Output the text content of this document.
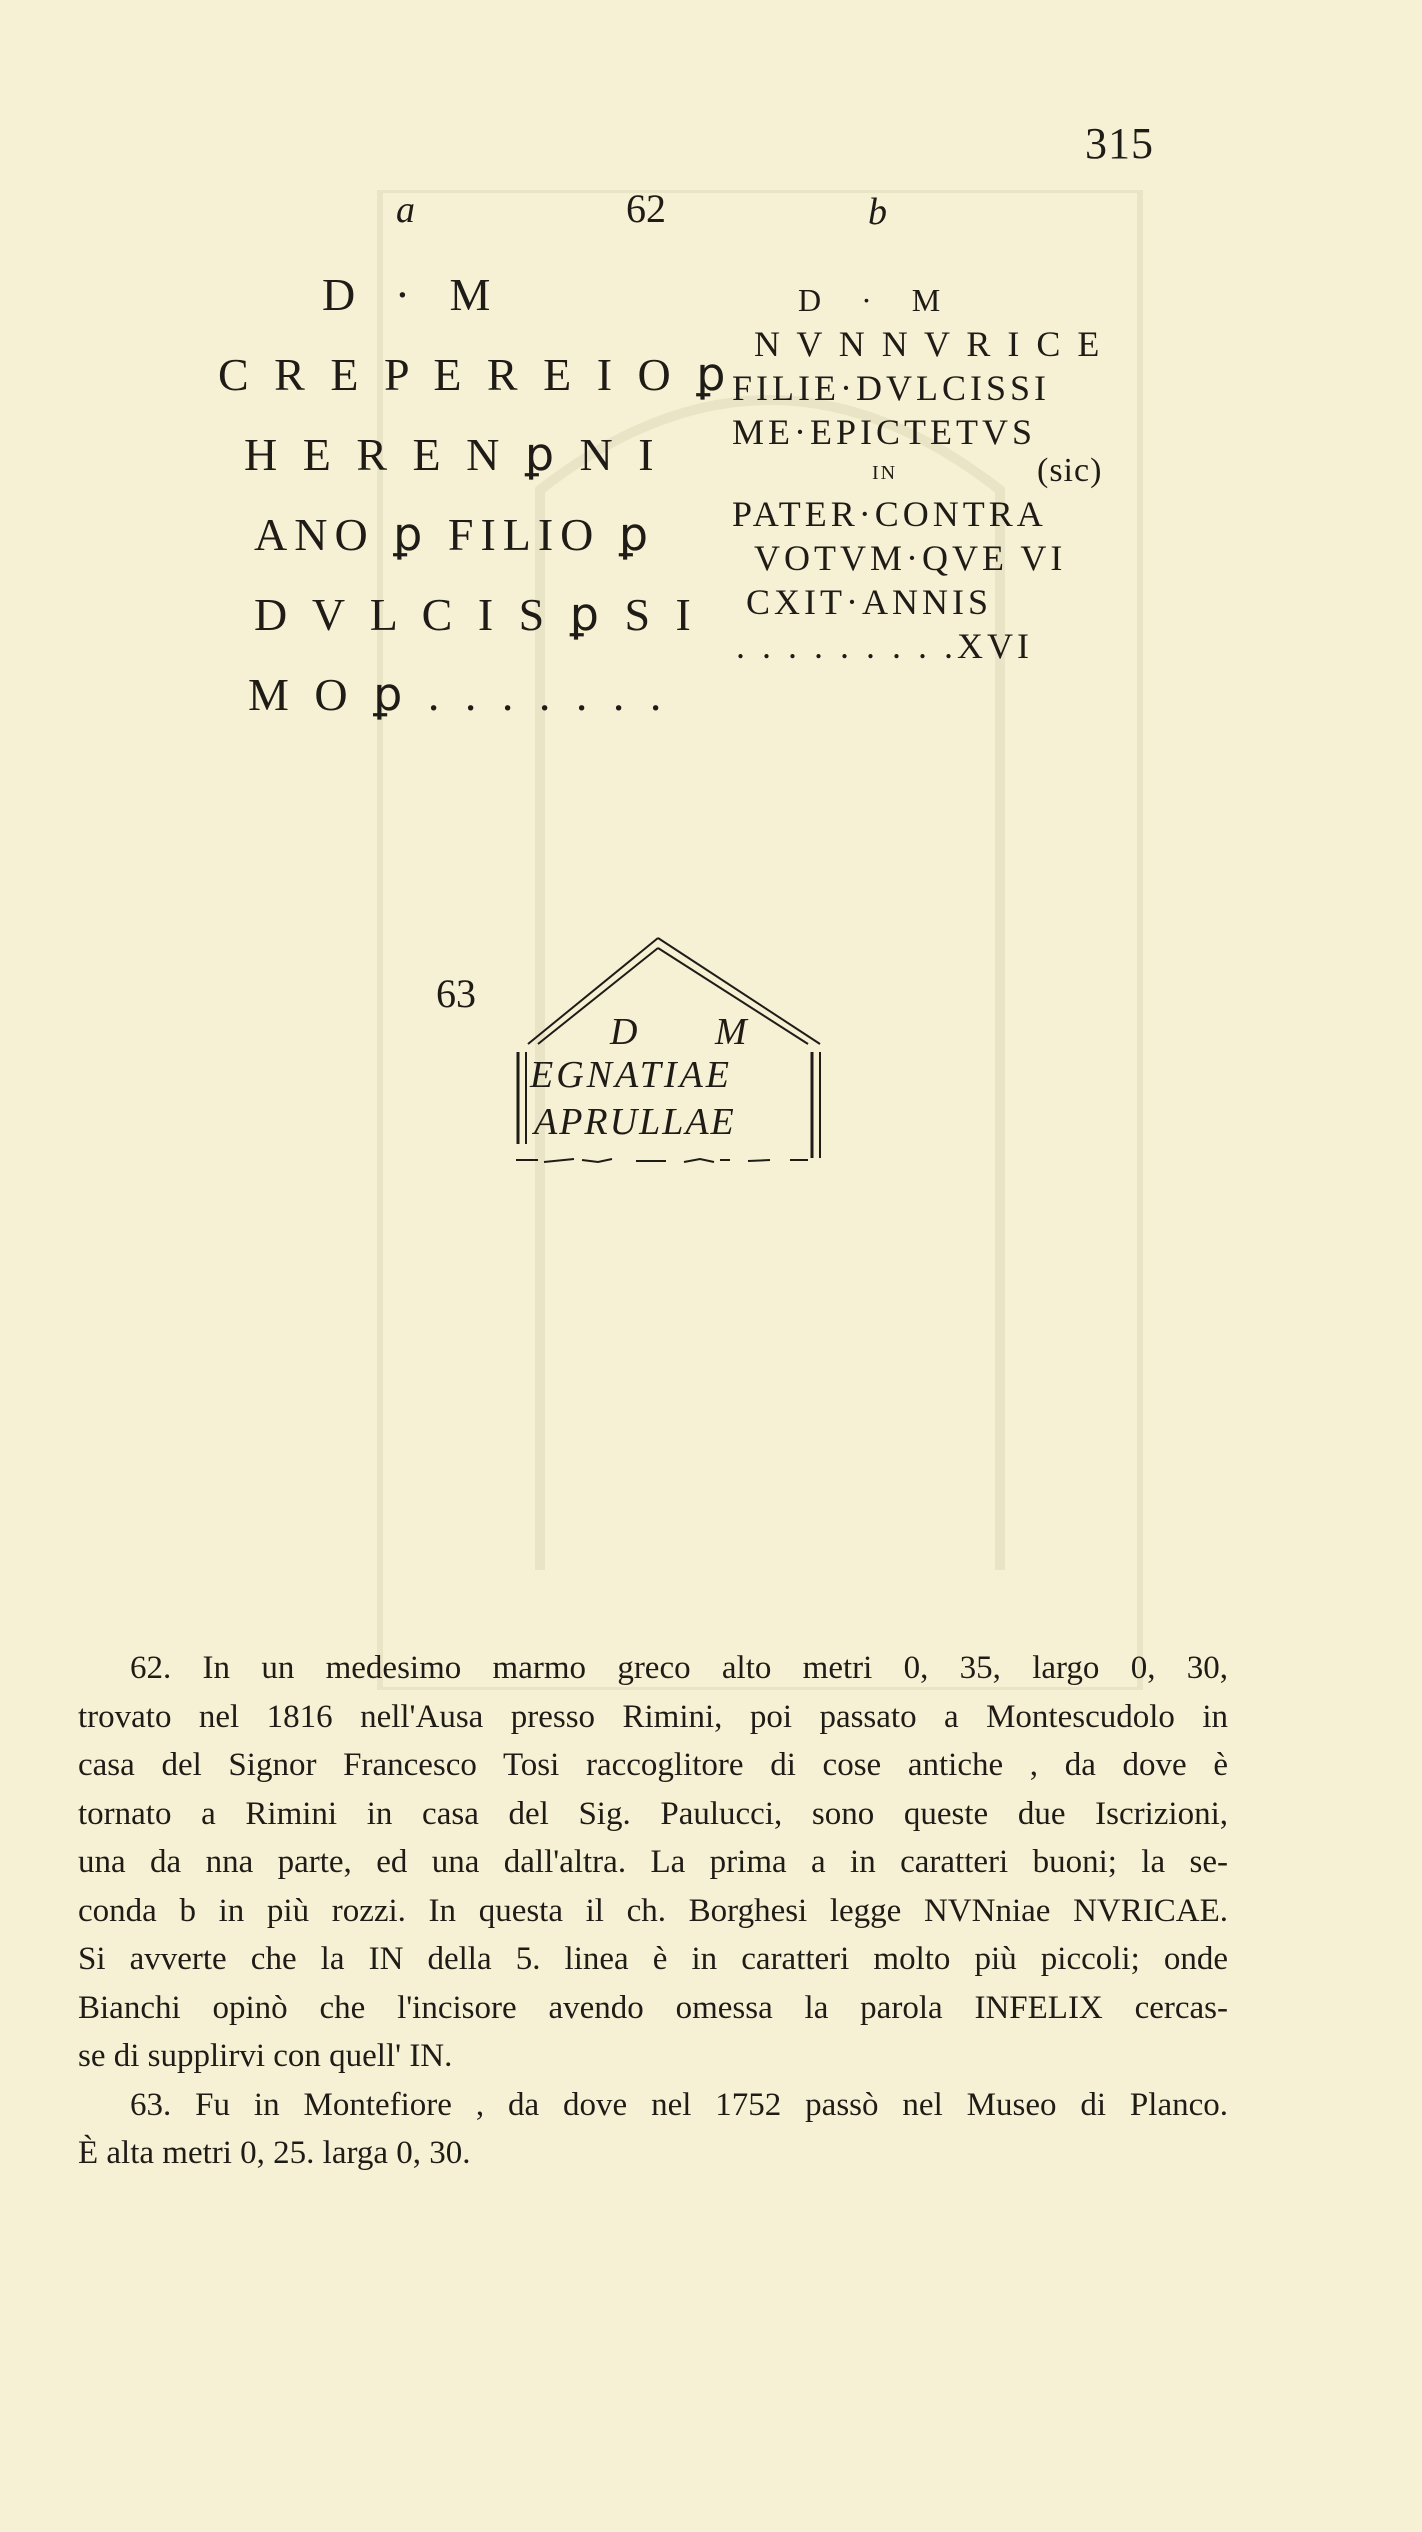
315
a	62	b
D · M
C R E P E R E I O ꝑ
H E R E N ꝑ N I
ANO ꝑ FILIO ꝑ
D V L C I S ꝑ S I
M O ꝑ . . . . . . .
D · M
N V N N V R I C E
FILIE·DVLCISSI
ME·EPICTETVS
IN	(sic)
PATER·CONTRA
VOTVM·QVE VI
CXIT·ANNIS
. . . . . . . . .XVI
63
D M
EGNATIAE
APRULLAE

62. In un medesimo marmo greco alto metri 0, 35, largo 0, 30,

trovato nel 1816 nell'Ausa presso Rimini, poi passato a Montescudolo in

casa del Signor Francesco Tosi raccoglitore di cose antiche , da dove è

tornato a Rimini in casa del Sig. Paulucci, sono queste due Iscrizioni,

una da nna parte, ed una dall'altra. La prima a in caratteri buoni; la se-

conda b in più rozzi. In questa il ch. Borghesi legge NVNniae NVRICAE.

Si avverte che la IN della 5. linea è in caratteri molto più piccoli; onde

Bianchi opinò che l'incisore avendo omessa la parola INFELIX cercas-

se di supplirvi con quell' IN.

63. Fu in Montefiore , da dove nel 1752 passò nel Museo di Planco.

È alta metri 0, 25. larga 0, 30.
